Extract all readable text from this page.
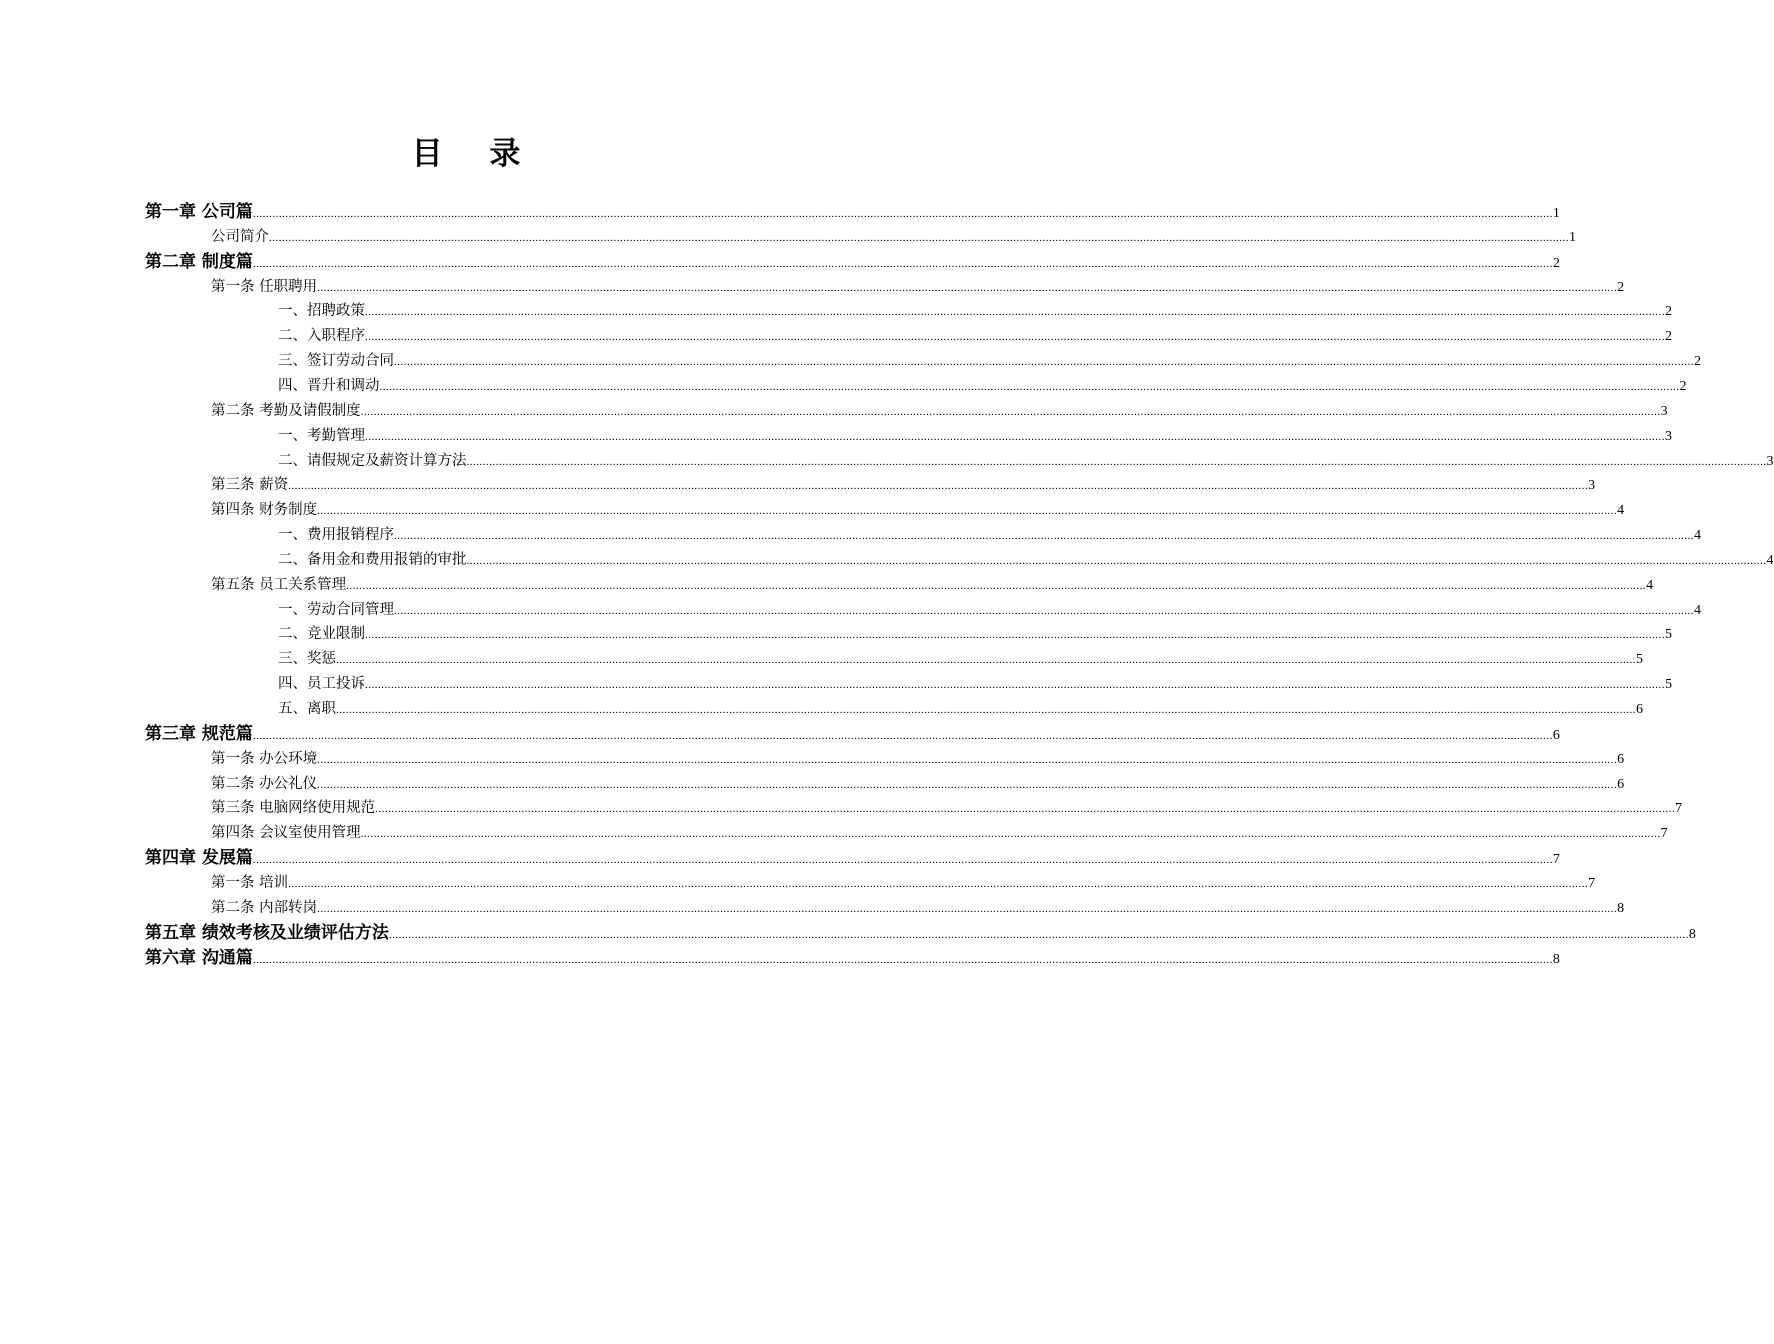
目 录
第一章 公司篇 ................................................................................................................................................................................................................................................................................................................................................................................................................ 1
公司简介 ................................................................................................................................................................................................................................................................................................................................................................................................................ 1
第二章 制度篇 ................................................................................................................................................................................................................................................................................................................................................................................................................ 2
第一条 任职聘用 ................................................................................................................................................................................................................................................................................................................................................................................................................ 2
一、招聘政策 ................................................................................................................................................................................................................................................................................................................................................................................................................ 2
二、入职程序 ................................................................................................................................................................................................................................................................................................................................................................................................................ 2
三、签订劳动合同 ................................................................................................................................................................................................................................................................................................................................................................................................................ 2
四、晋升和调动 ................................................................................................................................................................................................................................................................................................................................................................................................................ 2
第二条 考勤及请假制度 ................................................................................................................................................................................................................................................................................................................................................................................................................ 3
一、考勤管理 ................................................................................................................................................................................................................................................................................................................................................................................................................ 3
二、请假规定及薪资计算方法 ................................................................................................................................................................................................................................................................................................................................................................................................................ 3
第三条 薪资 ................................................................................................................................................................................................................................................................................................................................................................................................................ 3
第四条 财务制度 ................................................................................................................................................................................................................................................................................................................................................................................................................ 4
一、费用报销程序 ................................................................................................................................................................................................................................................................................................................................................................................................................ 4
二、备用金和费用报销的审批 ................................................................................................................................................................................................................................................................................................................................................................................................................ 4
第五条 员工关系管理 ................................................................................................................................................................................................................................................................................................................................................................................................................ 4
一、劳动合同管理 ................................................................................................................................................................................................................................................................................................................................................................................................................ 4
二、竞业限制 ................................................................................................................................................................................................................................................................................................................................................................................................................ 5
三、奖惩 ................................................................................................................................................................................................................................................................................................................................................................................................................ 5
四、员工投诉 ................................................................................................................................................................................................................................................................................................................................................................................................................ 5
五、离职 ................................................................................................................................................................................................................................................................................................................................................................................................................ 6
第三章 规范篇 ................................................................................................................................................................................................................................................................................................................................................................................................................ 6
第一条 办公环境 ................................................................................................................................................................................................................................................................................................................................................................................................................ 6
第二条 办公礼仪 ................................................................................................................................................................................................................................................................................................................................................................................................................ 6
第三条 电脑网络使用规范 ................................................................................................................................................................................................................................................................................................................................................................................................................ 7
第四条 会议室使用管理 ................................................................................................................................................................................................................................................................................................................................................................................................................ 7
第四章 发展篇 ................................................................................................................................................................................................................................................................................................................................................................................................................ 7
第一条 培训 ................................................................................................................................................................................................................................................................................................................................................................................................................ 7
第二条 内部转岗 ................................................................................................................................................................................................................................................................................................................................................................................................................ 8
第五章 绩效考核及业绩评估方法 ................................................................................................................................................................................................................................................................................................................................................................................................................ 8
第六章 沟通篇 ................................................................................................................................................................................................................................................................................................................................................................................................................ 8
